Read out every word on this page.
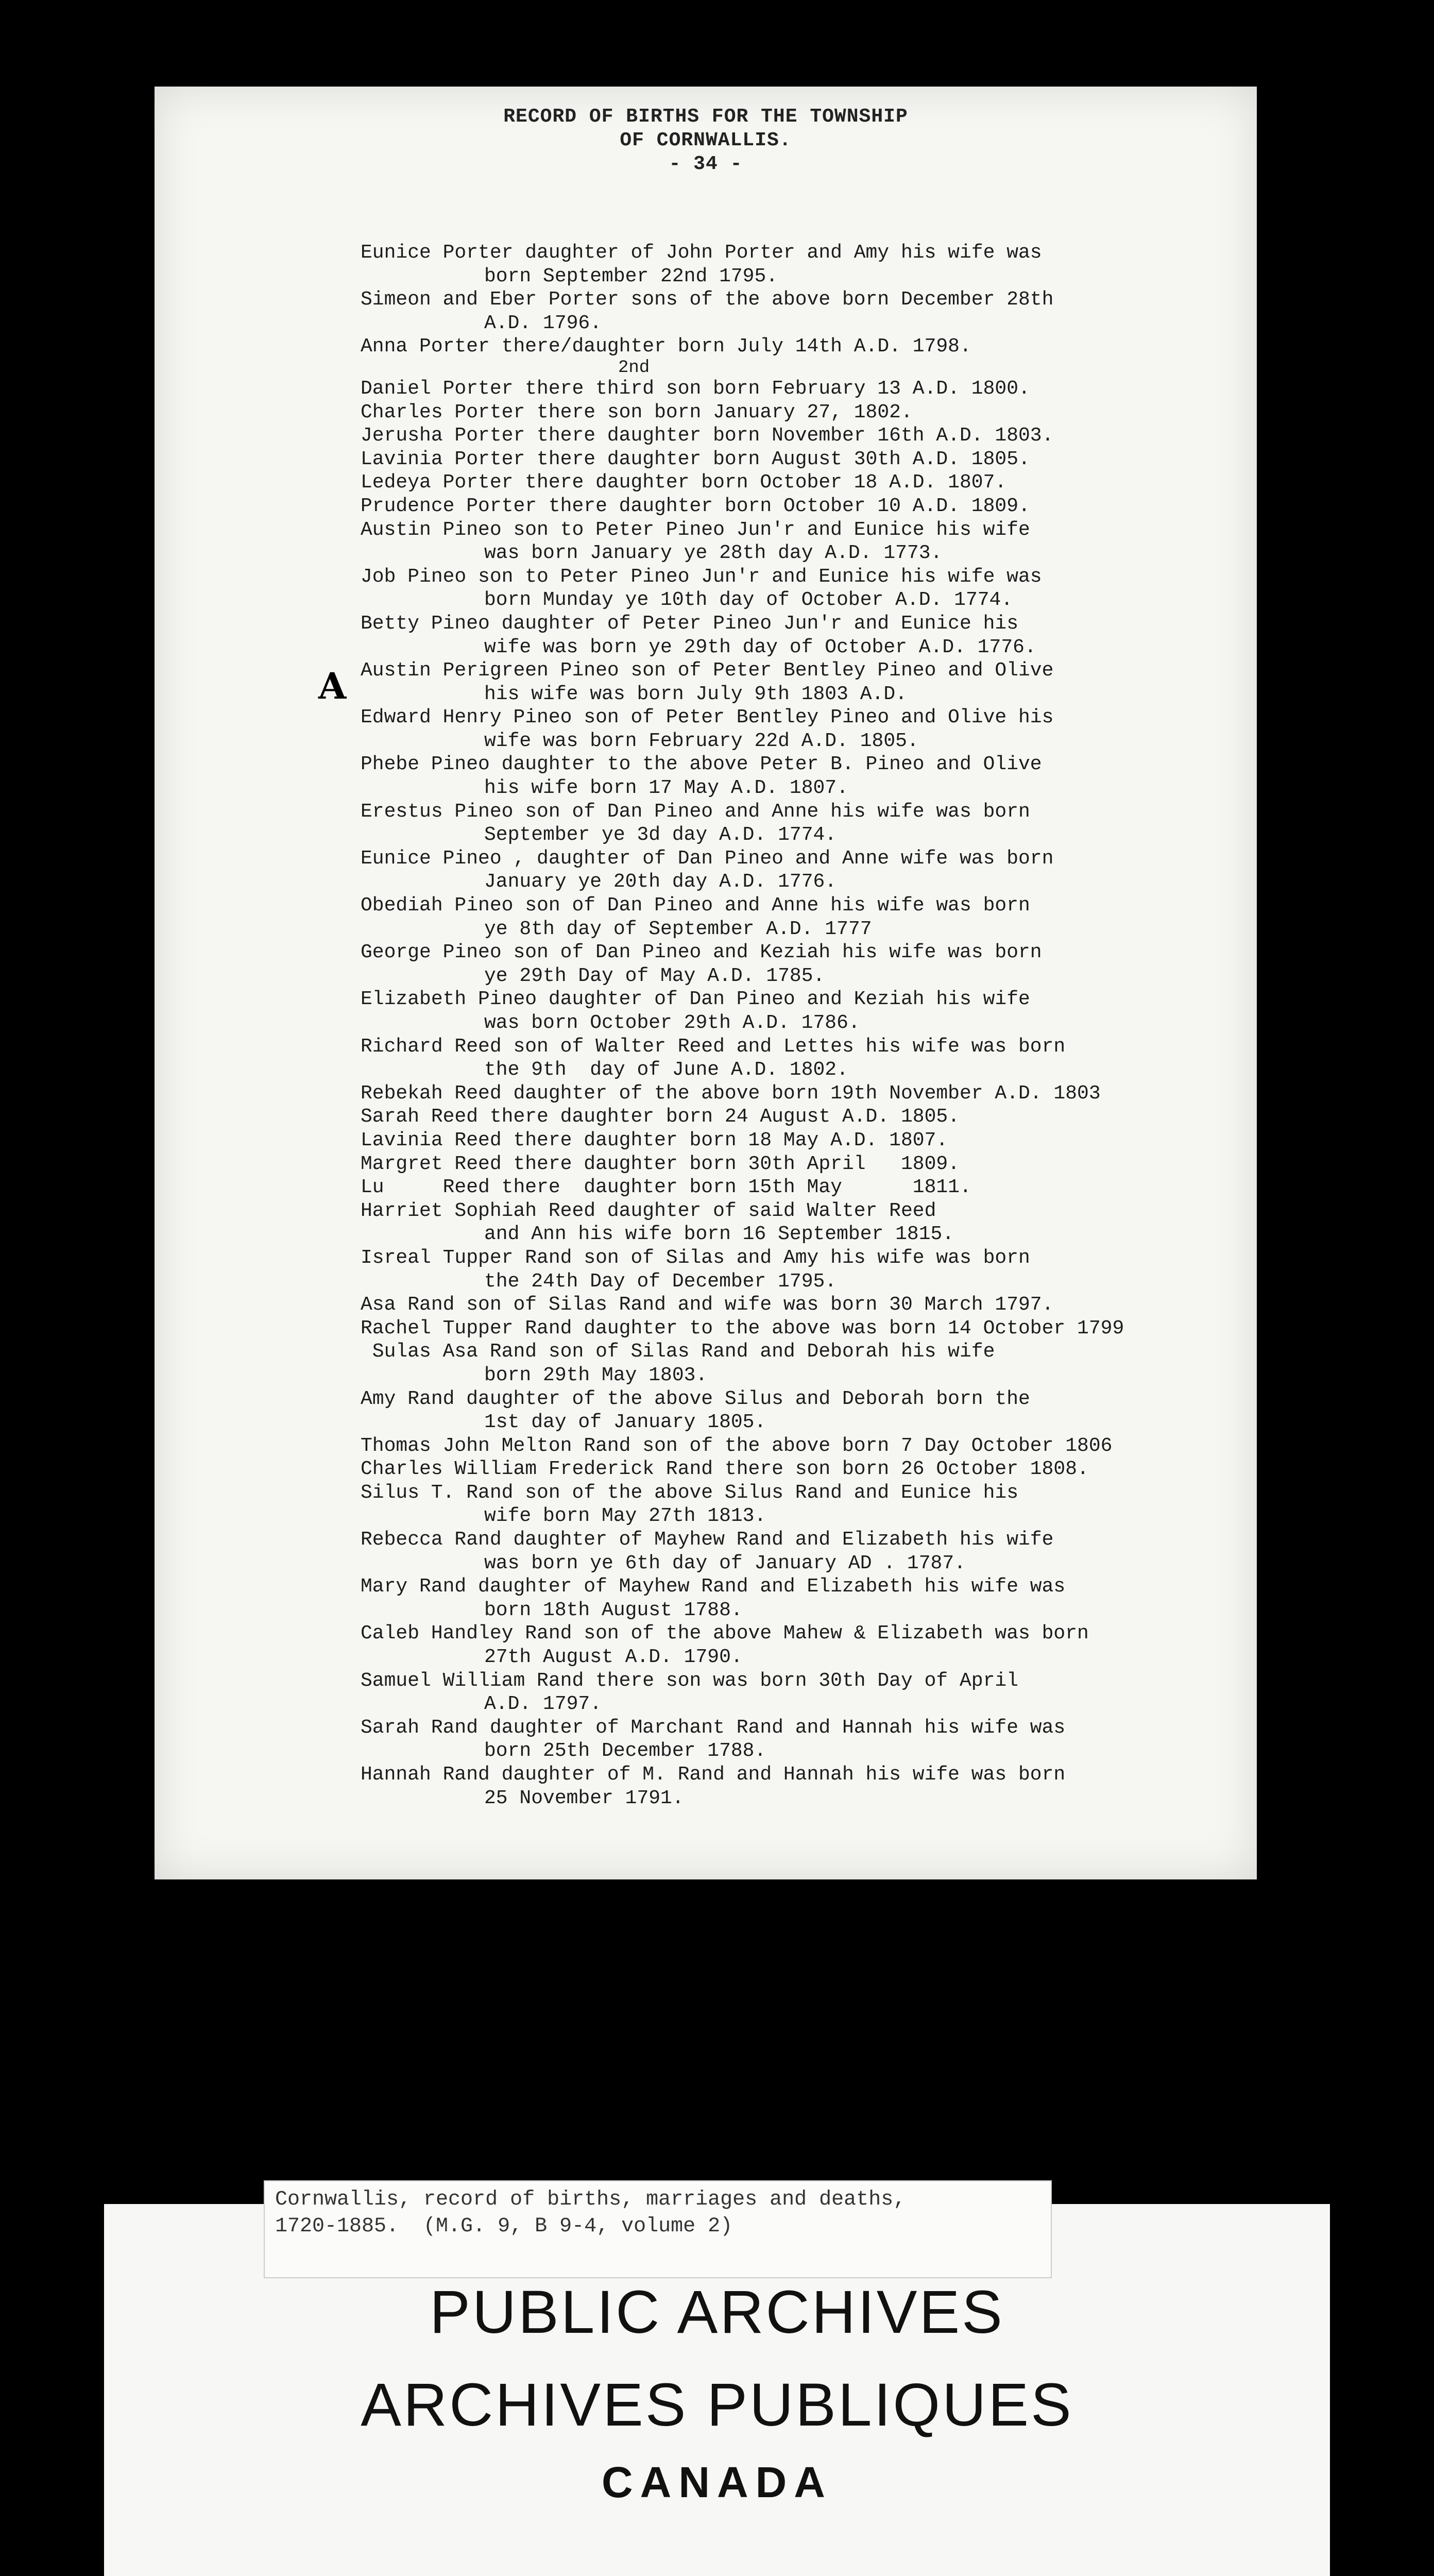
RECORD OF BIRTHS FOR THE TOWNSHIP
OF CORNWALLIS.
- 34 -
A
Eunice Porter daughter of John Porter and Amy his wife was
born September 22nd 1795.
Simeon and Eber Porter sons of the above born December 28th
A.D. 1796.
Anna Porter there/daughter born July 14th A.D. 1798.
2nd
Daniel Porter there third son born February 13 A.D. 1800.
Charles Porter there son born January 27, 1802.
Jerusha Porter there daughter born November 16th A.D. 1803.
Lavinia Porter there daughter born August 30th A.D. 1805.
Ledeya Porter there daughter born October 18 A.D. 1807.
Prudence Porter there daughter born October 10 A.D. 1809.
Austin Pineo son to Peter Pineo Jun'r and Eunice his wife
was born January ye 28th day A.D. 1773.
Job Pineo son to Peter Pineo Jun'r and Eunice his wife was
born Munday ye 10th day of October A.D. 1774.
Betty Pineo daughter of Peter Pineo Jun'r and Eunice his
wife was born ye 29th day of October A.D. 1776.
Austin Perigreen Pineo son of Peter Bentley Pineo and Olive
his wife was born July 9th 1803 A.D.
Edward Henry Pineo son of Peter Bentley Pineo and Olive his
wife was born February 22d A.D. 1805.
Phebe Pineo daughter to the above Peter B. Pineo and Olive
his wife born 17 May A.D. 1807.
Erestus Pineo son of Dan Pineo and Anne his wife was born
September ye 3d day A.D. 1774.
Eunice Pineo , daughter of Dan Pineo and Anne wife was born
January ye 20th day A.D. 1776.
Obediah Pineo son of Dan Pineo and Anne his wife was born
ye 8th day of September A.D. 1777
George Pineo son of Dan Pineo and Keziah his wife was born
ye 29th Day of May A.D. 1785.
Elizabeth Pineo daughter of Dan Pineo and Keziah his wife
was born October 29th A.D. 1786.
Richard Reed son of Walter Reed and Lettes his wife was born
the 9th  day of June A.D. 1802.
Rebekah Reed daughter of the above born 19th November A.D. 1803
Sarah Reed there daughter born 24 August A.D. 1805.
Lavinia Reed there daughter born 18 May A.D. 1807.
Margret Reed there daughter born 30th April   1809.
Lu     Reed there  daughter born 15th May      1811.
Harriet Sophiah Reed daughter of said Walter Reed
and Ann his wife born 16 September 1815.
Isreal Tupper Rand son of Silas and Amy his wife was born
the 24th Day of December 1795.
Asa Rand son of Silas Rand and wife was born 30 March 1797.
Rachel Tupper Rand daughter to the above was born 14 October 1799
Sulas Asa Rand son of Silas Rand and Deborah his wife
born 29th May 1803.
Amy Rand daughter of the above Silus and Deborah born the
1st day of January 1805.
Thomas John Melton Rand son of the above born 7 Day October 1806
Charles William Frederick Rand there son born 26 October 1808.
Silus T. Rand son of the above Silus Rand and Eunice his
wife born May 27th 1813.
Rebecca Rand daughter of Mayhew Rand and Elizabeth his wife
was born ye 6th day of January AD . 1787.
Mary Rand daughter of Mayhew Rand and Elizabeth his wife was
born 18th August 1788.
Caleb Handley Rand son of the above Mahew & Elizabeth was born
27th August A.D. 1790.
Samuel William Rand there son was born 30th Day of April
A.D. 1797.
Sarah Rand daughter of Marchant Rand and Hannah his wife was
born 25th December 1788.
Hannah Rand daughter of M. Rand and Hannah his wife was born
25 November 1791.
Cornwallis, record of births, marriages and deaths,
1720-1885.  (M.G. 9, B 9-4, volume 2)
PUBLIC ARCHIVES
ARCHIVES PUBLIQUES
CANADA
